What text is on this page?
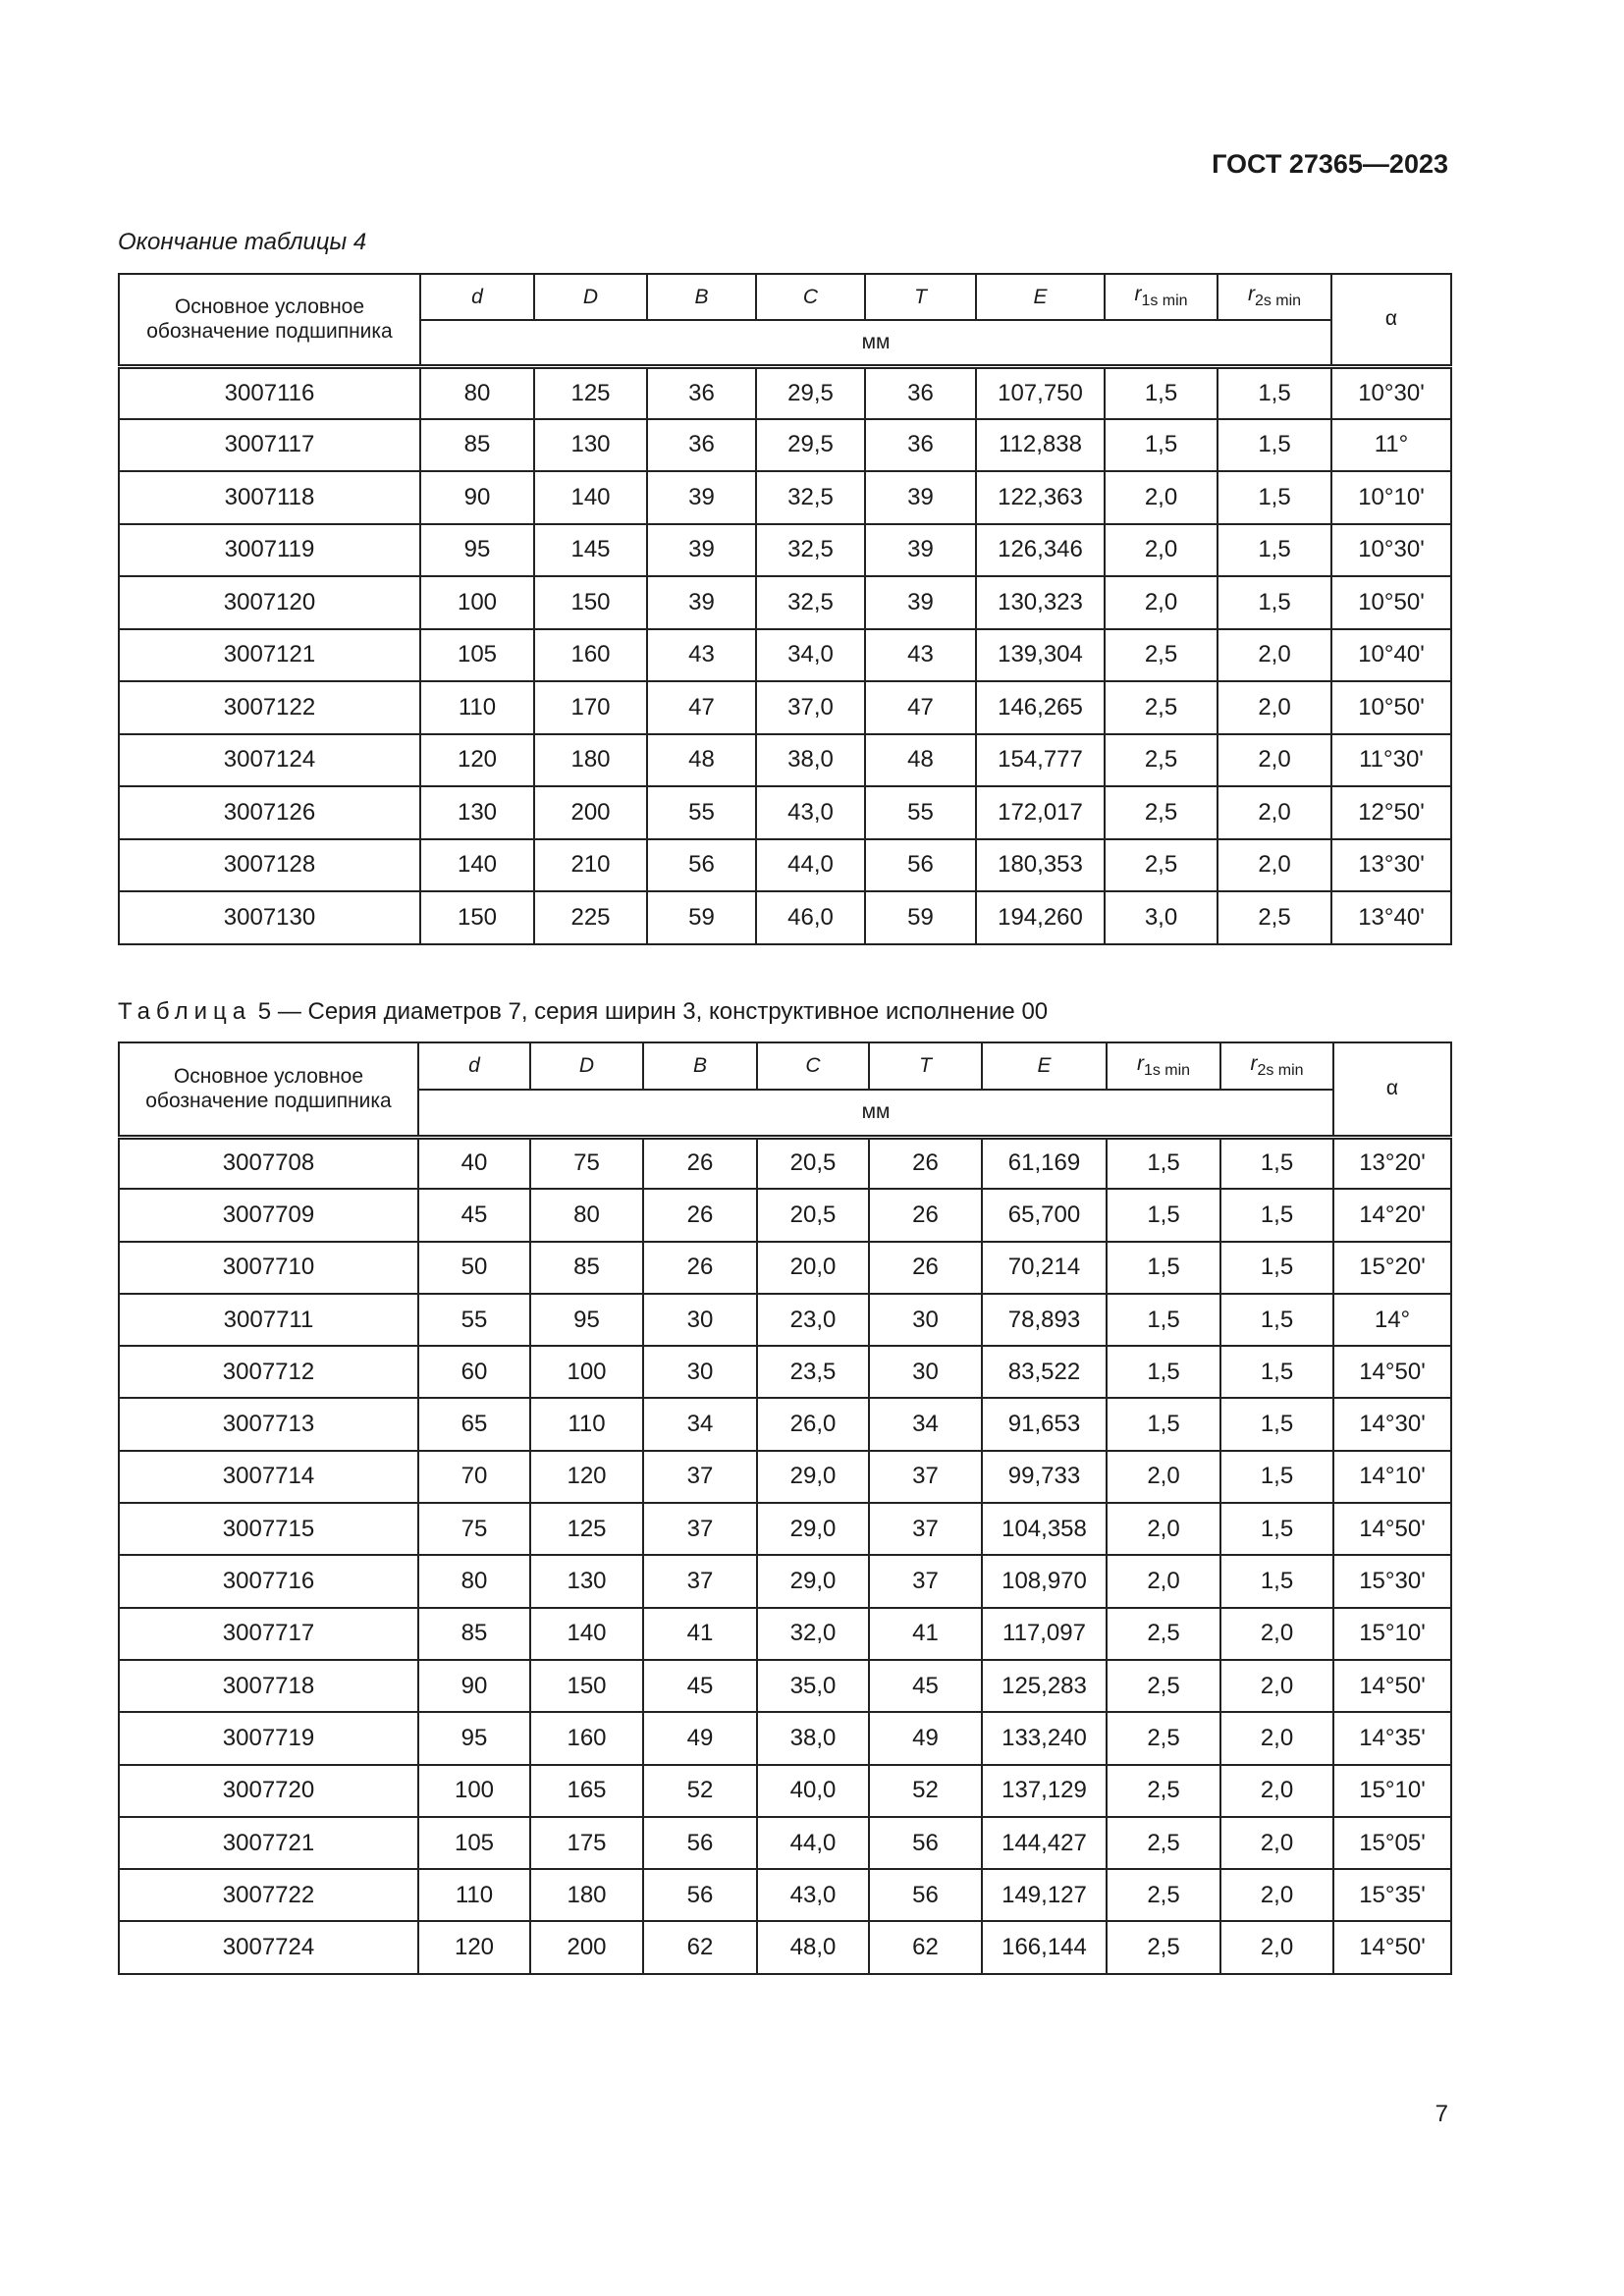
ГОСТ 27365—2023

Окончание таблицы 4

Основное условное
обозначение подшипника	d	D	B	C	T	E	$r_{1s min}$	$r_{2s min}$	α
	мм								
3007116	80	125	36	29,5	36	107,750	1,5	1,5	10°30'
3007117	85	130	36	29,5	36	112,838	1,5	1,5	11°
3007118	90	140	39	32,5	39	122,363	2,0	1,5	10°10'
3007119	95	145	39	32,5	39	126,346	2,0	1,5	10°30'
3007120	100	150	39	32,5	39	130,323	2,0	1,5	10°50'
3007121	105	160	43	34,0	43	139,304	2,5	2,0	10°40'
3007122	110	170	47	37,0	47	146,265	2,5	2,0	10°50'
3007124	120	180	48	38,0	48	154,777	2,5	2,0	11°30'
3007126	130	200	55	43,0	55	172,017	2,5	2,0	12°50'
3007128	140	210	56	44,0	56	180,353	2,5	2,0	13°30'
3007130	150	225	59	46,0	59	194,260	3,0	2,5	13°40'

Таблица 5 — Серия диаметров 7, серия ширин 3, конструктивное исполнение 00

Основное условное
обозначение подшипника	d	D	B	C	T	E	$r_{1s min}$	$r_{2s min}$	α
	мм								
3007708	40	75	26	20,5	26	61,169	1,5	1,5	13°20'
3007709	45	80	26	20,5	26	65,700	1,5	1,5	14°20'
3007710	50	85	26	20,0	26	70,214	1,5	1,5	15°20'
3007711	55	95	30	23,0	30	78,893	1,5	1,5	14°
3007712	60	100	30	23,5	30	83,522	1,5	1,5	14°50'
3007713	65	110	34	26,0	34	91,653	1,5	1,5	14°30'
3007714	70	120	37	29,0	37	99,733	2,0	1,5	14°10'
3007715	75	125	37	29,0	37	104,358	2,0	1,5	14°50'
3007716	80	130	37	29,0	37	108,970	2,0	1,5	15°30'
3007717	85	140	41	32,0	41	117,097	2,5	2,0	15°10'
3007718	90	150	45	35,0	45	125,283	2,5	2,0	14°50'
3007719	95	160	49	38,0	49	133,240	2,5	2,0	14°35'
3007720	100	165	52	40,0	52	137,129	2,5	2,0	15°10'
3007721	105	175	56	44,0	56	144,427	2,5	2,0	15°05'
3007722	110	180	56	43,0	56	149,127	2,5	2,0	15°35'
3007724	120	200	62	48,0	62	166,144	2,5	2,0	14°50'

7
